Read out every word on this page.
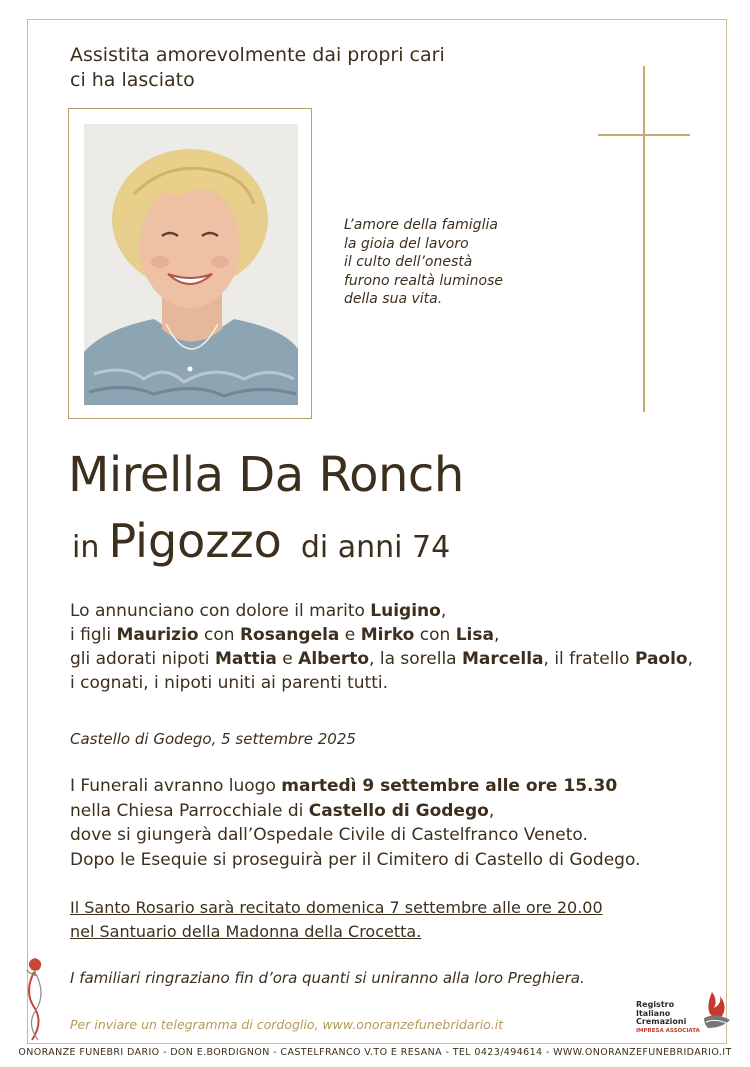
Assistita amorevolmente dai propri cari
ci ha lasciato
L’amore della famiglia
la gioia del lavoro
il culto dell’onestà
furono realtà luminose
della sua vita.
Mirella Da Ronch
in Pigozzo di anni 74
Lo annunciano con dolore il marito Luigino,
i figli Maurizio con Rosangela e Mirko con Lisa,
gli adorati nipoti Mattia e Alberto, la sorella Marcella, il fratello Paolo,
i cognati, i nipoti uniti ai parenti tutti.
Castello di Godego, 5 settembre 2025
I Funerali avranno luogo martedì 9 settembre alle ore 15.30
nella Chiesa Parrocchiale di Castello di Godego,
dove si giungerà dall’Ospedale Civile di Castelfranco Veneto.
Dopo le Esequie si proseguirà per il Cimitero di Castello di Godego.
Il Santo Rosario sarà recitato domenica 7 settembre alle ore 20.00
nel Santuario della Madonna della Crocetta.
I familiari ringraziano fin d’ora quanti si uniranno alla loro Preghiera.
Per inviare un telegramma di cordoglio, www.onoranzefunebridario.it
Registro
Italiano
Cremazioni
IMPRESA ASSOCIATA
ONORANZE FUNEBRI DARIO - DON E.BORDIGNON - CASTELFRANCO V.TO E RESANA - TEL 0423/494614 - WWW.ONORANZEFUNEBRIDARIO.IT
